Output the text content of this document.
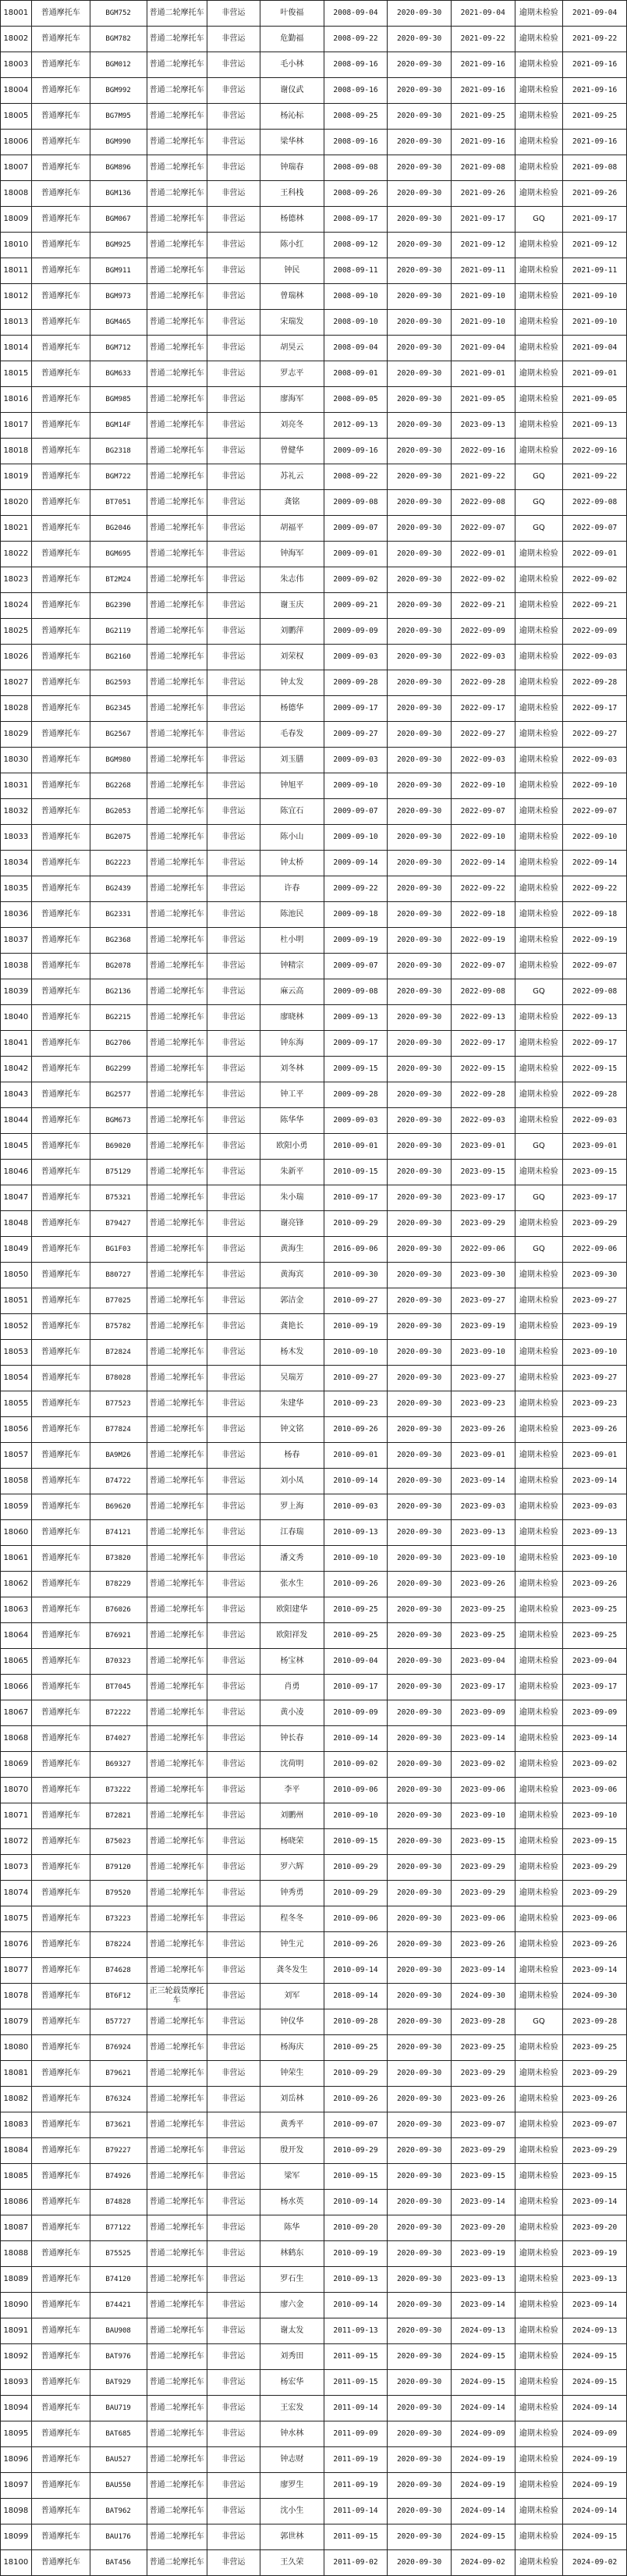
18001	普通摩托车	BGM752	普通二轮摩托车	非营运	叶俊福	2008-09-04	2020-09-30	2021-09-04	逾期未检验	2021-09-04
18002	普通摩托车	BGM782	普通二轮摩托车	非营运	危勤福	2008-09-22	2020-09-30	2021-09-22	逾期未检验	2021-09-22
18003	普通摩托车	BGM012	普通二轮摩托车	非营运	毛小林	2008-09-16	2020-09-30	2021-09-16	逾期未检验	2021-09-16
18004	普通摩托车	BGM992	普通二轮摩托车	非营运	谢仪武	2008-09-16	2020-09-30	2021-09-16	逾期未检验	2021-09-16
18005	普通摩托车	BG7M95	普通二轮摩托车	非营运	杨沁标	2008-09-25	2020-09-30	2021-09-25	逾期未检验	2021-09-25
18006	普通摩托车	BGM990	普通二轮摩托车	非营运	梁华林	2008-09-16	2020-09-30	2021-09-16	逾期未检验	2021-09-16
18007	普通摩托车	BGM896	普通二轮摩托车	非营运	钟瑞春	2008-09-08	2020-09-30	2021-09-08	逾期未检验	2021-09-08
18008	普通摩托车	BGM136	普通二轮摩托车	非营运	王科栈	2008-09-26	2020-09-30	2021-09-26	逾期未检验	2021-09-26
18009	普通摩托车	BGM067	普通二轮摩托车	非营运	杨德林	2008-09-17	2020-09-30	2021-09-17	GQ	2021-09-17
18010	普通摩托车	BGM925	普通二轮摩托车	非营运	陈小红	2008-09-12	2020-09-30	2021-09-12	逾期未检验	2021-09-12
18011	普通摩托车	BGM911	普通二轮摩托车	非营运	钟民	2008-09-11	2020-09-30	2021-09-11	逾期未检验	2021-09-11
18012	普通摩托车	BGM973	普通二轮摩托车	非营运	曾瑞林	2008-09-10	2020-09-30	2021-09-10	逾期未检验	2021-09-10
18013	普通摩托车	BGM465	普通二轮摩托车	非营运	宋瑞发	2008-09-10	2020-09-30	2021-09-10	逾期未检验	2021-09-10
18014	普通摩托车	BGM712	普通二轮摩托车	非营运	胡昊云	2008-09-04	2020-09-30	2021-09-04	逾期未检验	2021-09-04
18015	普通摩托车	BGM633	普通二轮摩托车	非营运	罗志平	2008-09-01	2020-09-30	2021-09-01	逾期未检验	2021-09-01
18016	普通摩托车	BGM985	普通二轮摩托车	非营运	廖海军	2008-09-05	2020-09-30	2021-09-05	逾期未检验	2021-09-05
18017	普通摩托车	BGM14F	普通二轮摩托车	非营运	刘亮冬	2012-09-13	2020-09-30	2023-09-13	逾期未检验	2021-09-13
18018	普通摩托车	BG2318	普通二轮摩托车	非营运	曾健华	2009-09-16	2020-09-30	2022-09-16	逾期未检验	2022-09-16
18019	普通摩托车	BGM722	普通二轮摩托车	非营运	苏礼云	2008-09-22	2020-09-30	2021-09-22	GQ	2021-09-22
18020	普通摩托车	BT7051	普通二轮摩托车	非营运	龚铭	2009-09-08	2020-09-30	2022-09-08	GQ	2022-09-08
18021	普通摩托车	BG2046	普通二轮摩托车	非营运	胡福平	2009-09-07	2020-09-30	2022-09-07	GQ	2022-09-07
18022	普通摩托车	BGM695	普通二轮摩托车	非营运	钟海军	2009-09-01	2020-09-30	2022-09-01	逾期未检验	2022-09-01
18023	普通摩托车	BT2M24	普通二轮摩托车	非营运	朱志伟	2009-09-02	2020-09-30	2022-09-02	逾期未检验	2022-09-02
18024	普通摩托车	BG2390	普通二轮摩托车	非营运	谢玉庆	2009-09-21	2020-09-30	2022-09-21	逾期未检验	2022-09-21
18025	普通摩托车	BG2119	普通二轮摩托车	非营运	刘鹏萍	2009-09-09	2020-09-30	2022-09-09	逾期未检验	2022-09-09
18026	普通摩托车	BG2160	普通二轮摩托车	非营运	刘荣权	2009-09-03	2020-09-30	2022-09-03	逾期未检验	2022-09-03
18027	普通摩托车	BG2593	普通二轮摩托车	非营运	钟太发	2009-09-28	2020-09-30	2022-09-28	逾期未检验	2022-09-28
18028	普通摩托车	BG2345	普通二轮摩托车	非营运	杨德华	2009-09-17	2020-09-30	2022-09-17	逾期未检验	2022-09-17
18029	普通摩托车	BG2567	普通二轮摩托车	非营运	毛春发	2009-09-27	2020-09-30	2022-09-27	逾期未检验	2022-09-27
18030	普通摩托车	BGM980	普通二轮摩托车	非营运	刘玉膳	2009-09-03	2020-09-30	2022-09-03	逾期未检验	2022-09-03
18031	普通摩托车	BG2268	普通二轮摩托车	非营运	钟旭平	2009-09-10	2020-09-30	2022-09-10	逾期未检验	2022-09-10
18032	普通摩托车	BG2053	普通二轮摩托车	非营运	陈宜石	2009-09-07	2020-09-30	2022-09-07	逾期未检验	2022-09-07
18033	普通摩托车	BG2075	普通二轮摩托车	非营运	陈小山	2009-09-10	2020-09-30	2022-09-10	逾期未检验	2022-09-10
18034	普通摩托车	BG2223	普通二轮摩托车	非营运	钟太桥	2009-09-14	2020-09-30	2022-09-14	逾期未检验	2022-09-14
18035	普通摩托车	BG2439	普通二轮摩托车	非营运	许春	2009-09-22	2020-09-30	2022-09-22	逾期未检验	2022-09-22
18036	普通摩托车	BG2331	普通二轮摩托车	非营运	陈池民	2009-09-18	2020-09-30	2022-09-18	逾期未检验	2022-09-18
18037	普通摩托车	BG2368	普通二轮摩托车	非营运	杜小明	2009-09-19	2020-09-30	2022-09-19	逾期未检验	2022-09-19
18038	普通摩托车	BG2078	普通二轮摩托车	非营运	钟精宗	2009-09-07	2020-09-30	2022-09-07	逾期未检验	2022-09-07
18039	普通摩托车	BG2136	普通二轮摩托车	非营运	麻云高	2009-09-08	2020-09-30	2022-09-08	GQ	2022-09-08
18040	普通摩托车	BG2215	普通二轮摩托车	非营运	廖晓林	2009-09-13	2020-09-30	2022-09-13	逾期未检验	2022-09-13
18041	普通摩托车	BG2706	普通二轮摩托车	非营运	钟东海	2009-09-17	2020-09-30	2022-09-17	逾期未检验	2022-09-17
18042	普通摩托车	BG2299	普通二轮摩托车	非营运	刘冬林	2009-09-15	2020-09-30	2022-09-15	逾期未检验	2022-09-15
18043	普通摩托车	BG2577	普通二轮摩托车	非营运	钟工平	2009-09-28	2020-09-30	2022-09-28	逾期未检验	2022-09-28
18044	普通摩托车	BGM673	普通二轮摩托车	非营运	陈华华	2009-09-03	2020-09-30	2022-09-03	逾期未检验	2022-09-03
18045	普通摩托车	B69020	普通二轮摩托车	非营运	欧阳小勇	2010-09-01	2020-09-30	2023-09-01	GQ	2023-09-01
18046	普通摩托车	B75129	普通二轮摩托车	非营运	朱新平	2010-09-15	2020-09-30	2023-09-15	逾期未检验	2023-09-15
18047	普通摩托车	B75321	普通二轮摩托车	非营运	朱小瑞	2010-09-17	2020-09-30	2023-09-17	GQ	2023-09-17
18048	普通摩托车	B79427	普通二轮摩托车	非营运	谢亮锋	2010-09-29	2020-09-30	2023-09-29	逾期未检验	2023-09-29
18049	普通摩托车	BG1F03	普通二轮摩托车	非营运	黄海生	2016-09-06	2020-09-30	2022-09-06	GQ	2022-09-06
18050	普通摩托车	B80727	普通二轮摩托车	非营运	黄海宾	2010-09-30	2020-09-30	2023-09-30	逾期未检验	2023-09-30
18051	普通摩托车	B77025	普通二轮摩托车	非营运	郭洁金	2010-09-27	2020-09-30	2023-09-27	逾期未检验	2023-09-27
18052	普通摩托车	B75782	普通二轮摩托车	非营运	龚艳长	2010-09-19	2020-09-30	2023-09-19	逾期未检验	2023-09-19
18053	普通摩托车	B72824	普通二轮摩托车	非营运	杨木发	2010-09-10	2020-09-30	2023-09-10	逾期未检验	2023-09-10
18054	普通摩托车	B78028	普通二轮摩托车	非营运	吴瑞芳	2010-09-27	2020-09-30	2023-09-27	逾期未检验	2023-09-27
18055	普通摩托车	B77523	普通二轮摩托车	非营运	朱建华	2010-09-23	2020-09-30	2023-09-23	逾期未检验	2023-09-23
18056	普通摩托车	B77824	普通二轮摩托车	非营运	钟文铭	2010-09-26	2020-09-30	2023-09-26	逾期未检验	2023-09-26
18057	普通摩托车	BA9M26	普通二轮摩托车	非营运	杨春	2010-09-01	2020-09-30	2023-09-01	逾期未检验	2023-09-01
18058	普通摩托车	B74722	普通二轮摩托车	非营运	刘小凤	2010-09-14	2020-09-30	2023-09-14	逾期未检验	2023-09-14
18059	普通摩托车	B69620	普通二轮摩托车	非营运	罗上海	2010-09-03	2020-09-30	2023-09-03	逾期未检验	2023-09-03
18060	普通摩托车	B74121	普通二轮摩托车	非营运	江春瑞	2010-09-13	2020-09-30	2023-09-13	逾期未检验	2023-09-13
18061	普通摩托车	B73820	普通二轮摩托车	非营运	潘文秀	2010-09-10	2020-09-30	2023-09-10	逾期未检验	2023-09-10
18062	普通摩托车	B78229	普通二轮摩托车	非营运	张水生	2010-09-26	2020-09-30	2023-09-26	逾期未检验	2023-09-26
18063	普通摩托车	B76026	普通二轮摩托车	非营运	欧阳建华	2010-09-25	2020-09-30	2023-09-25	逾期未检验	2023-09-25
18064	普通摩托车	B76921	普通二轮摩托车	非营运	欧阳祥发	2010-09-25	2020-09-30	2023-09-25	逾期未检验	2023-09-25
18065	普通摩托车	B70323	普通二轮摩托车	非营运	杨宝林	2010-09-04	2020-09-30	2023-09-04	逾期未检验	2023-09-04
18066	普通摩托车	BT7045	普通二轮摩托车	非营运	肖勇	2010-09-17	2020-09-30	2023-09-17	逾期未检验	2023-09-17
18067	普通摩托车	B72222	普通二轮摩托车	非营运	黄小凌	2010-09-09	2020-09-30	2023-09-09	逾期未检验	2023-09-09
18068	普通摩托车	B74027	普通二轮摩托车	非营运	钟长春	2010-09-14	2020-09-30	2023-09-14	逾期未检验	2023-09-14
18069	普通摩托车	B69327	普通二轮摩托车	非营运	沈荷明	2010-09-02	2020-09-30	2023-09-02	逾期未检验	2023-09-02
18070	普通摩托车	B73222	普通二轮摩托车	非营运	李平	2010-09-06	2020-09-30	2023-09-06	逾期未检验	2023-09-06
18071	普通摩托车	B72821	普通二轮摩托车	非营运	刘鹏州	2010-09-10	2020-09-30	2023-09-10	逾期未检验	2023-09-10
18072	普通摩托车	B75023	普通二轮摩托车	非营运	杨晓荣	2010-09-15	2020-09-30	2023-09-15	逾期未检验	2023-09-15
18073	普通摩托车	B79120	普通二轮摩托车	非营运	罗六辉	2010-09-29	2020-09-30	2023-09-29	逾期未检验	2023-09-29
18074	普通摩托车	B79520	普通二轮摩托车	非营运	钟秀勇	2010-09-29	2020-09-30	2023-09-29	逾期未检验	2023-09-29
18075	普通摩托车	B73223	普通二轮摩托车	非营运	程冬冬	2010-09-06	2020-09-30	2023-09-06	逾期未检验	2023-09-06
18076	普通摩托车	B78224	普通二轮摩托车	非营运	钟生元	2010-09-26	2020-09-30	2023-09-26	逾期未检验	2023-09-26
18077	普通摩托车	B74628	普通二轮摩托车	非营运	龚冬发生	2010-09-14	2020-09-30	2023-09-14	逾期未检验	2023-09-14
18078	普通摩托车	BT6F12	正三轮载货摩托车	非营运	刘军	2018-09-14	2020-09-30	2024-09-30	逾期未检验	2024-09-30
18079	普通摩托车	B57727	普通二轮摩托车	非营运	钟仪华	2010-09-28	2020-09-30	2023-09-28	GQ	2023-09-28
18080	普通摩托车	B76924	普通二轮摩托车	非营运	杨海庆	2010-09-25	2020-09-30	2023-09-25	逾期未检验	2023-09-25
18081	普通摩托车	B79621	普通二轮摩托车	非营运	钟荣生	2010-09-29	2020-09-30	2023-09-29	逾期未检验	2023-09-29
18082	普通摩托车	B76324	普通二轮摩托车	非营运	刘岳林	2010-09-26	2020-09-30	2023-09-26	逾期未检验	2023-09-26
18083	普通摩托车	B73621	普通二轮摩托车	非营运	黄秀平	2010-09-07	2020-09-30	2023-09-07	逾期未检验	2023-09-07
18084	普通摩托车	B79227	普通二轮摩托车	非营运	殷开发	2010-09-29	2020-09-30	2023-09-29	逾期未检验	2023-09-29
18085	普通摩托车	B74926	普通二轮摩托车	非营运	梁军	2010-09-15	2020-09-30	2023-09-15	逾期未检验	2023-09-15
18086	普通摩托车	B74828	普通二轮摩托车	非营运	杨水英	2010-09-14	2020-09-30	2023-09-14	逾期未检验	2023-09-14
18087	普通摩托车	B77122	普通二轮摩托车	非营运	陈华	2010-09-20	2020-09-30	2023-09-20	逾期未检验	2023-09-20
18088	普通摩托车	B75525	普通二轮摩托车	非营运	林鹤东	2010-09-19	2020-09-30	2023-09-19	逾期未检验	2023-09-19
18089	普通摩托车	B74120	普通二轮摩托车	非营运	罗石生	2010-09-13	2020-09-30	2023-09-13	逾期未检验	2023-09-13
18090	普通摩托车	B74421	普通二轮摩托车	非营运	廖六金	2010-09-14	2020-09-30	2023-09-14	逾期未检验	2023-09-14
18091	普通摩托车	BAU908	普通二轮摩托车	非营运	谢太发	2011-09-13	2020-09-30	2024-09-13	逾期未检验	2024-09-13
18092	普通摩托车	BAT976	普通二轮摩托车	非营运	刘秀田	2011-09-15	2020-09-30	2024-09-15	逾期未检验	2024-09-15
18093	普通摩托车	BAT929	普通二轮摩托车	非营运	杨宏华	2011-09-15	2020-09-30	2024-09-15	逾期未检验	2024-09-15
18094	普通摩托车	BAU719	普通二轮摩托车	非营运	王宏发	2011-09-14	2020-09-30	2024-09-14	逾期未检验	2024-09-14
18095	普通摩托车	BAT685	普通二轮摩托车	非营运	钟水林	2011-09-09	2020-09-30	2024-09-09	逾期未检验	2024-09-09
18096	普通摩托车	BAU527	普通二轮摩托车	非营运	钟志财	2011-09-19	2020-09-30	2024-09-19	逾期未检验	2024-09-19
18097	普通摩托车	BAU550	普通二轮摩托车	非营运	廖罗生	2011-09-19	2020-09-30	2024-09-19	逾期未检验	2024-09-19
18098	普通摩托车	BAT962	普通二轮摩托车	非营运	沈小生	2011-09-14	2020-09-30	2024-09-14	逾期未检验	2024-09-14
18099	普通摩托车	BAU176	普通二轮摩托车	非营运	郭世林	2011-09-15	2020-09-30	2024-09-15	逾期未检验	2024-09-15
18100	普通摩托车	BAT456	普通二轮摩托车	非营运	王久荣	2011-09-02	2020-09-30	2024-09-02	逾期未检验	2024-09-02
